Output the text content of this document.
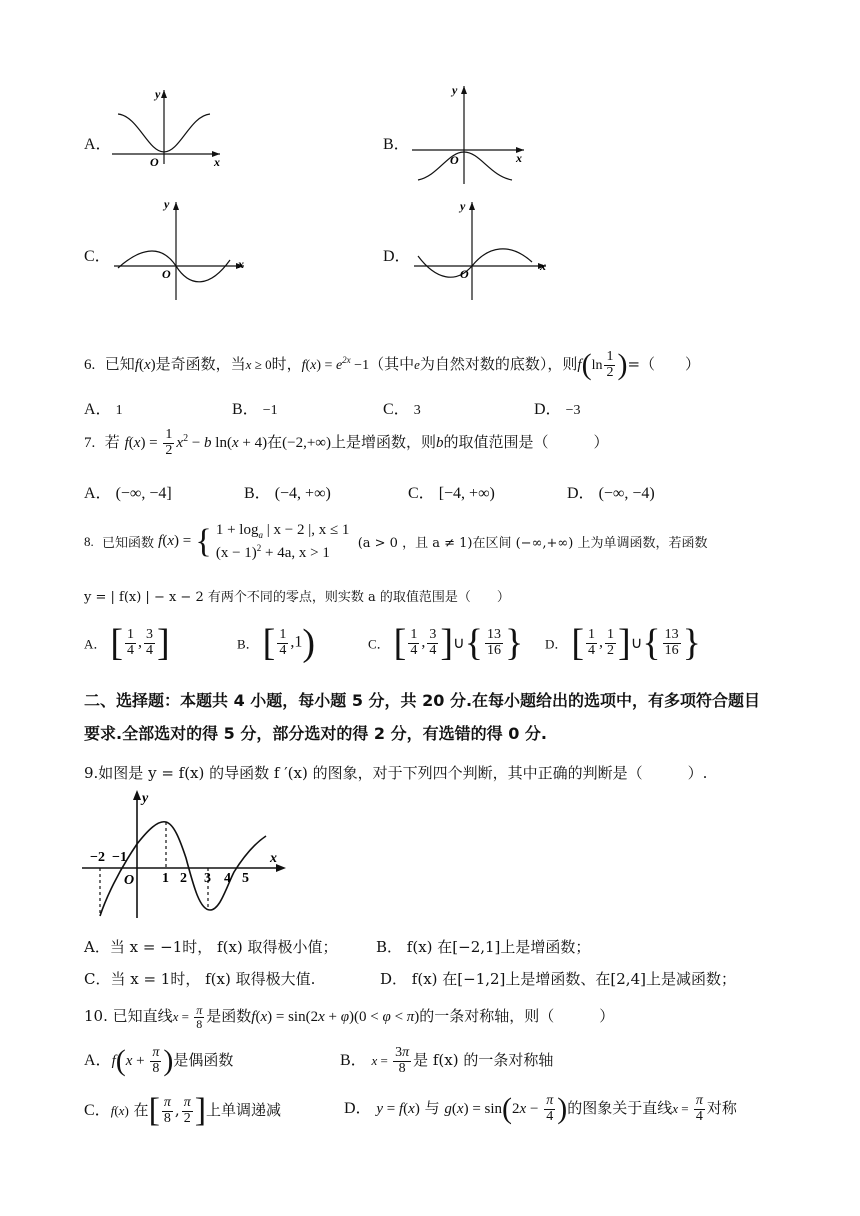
A．
y
x
O
B．
y
x
O
C．
y
x
O
D．
y
x
O
6. 已知f(x)是奇函数，当x ≥ 0时，$f(x) = e^{2x} -1$（其中e为自然对数的底数），则$f(\ln \frac{1}{2}$ )=（　　）
A． 1	B． −1	C． 3	D． −3
7. 若 $f(x) = \frac{1}{2} x^2 - b$ ln(x + 4)在(−2,+∞)上是增函数，则b的取值范围是（　　　）
A． (−∞, −4]	B． (−4, +∞)	C． [−4, +∞)	D． (−∞, −4)
8. 已知函数 f(x) = { $1 + \log_a$ | x − 2 |, x ≤ 1
$(x - 1)^2 + 4a$, x > 1
(a > 0 ，且 a ≠ 1)在区间 (−∞,+∞) 上为单调函数，若函数
y = | f(x) | − x − 2 有两个不同的零点，则实数 a 的取值范围是（　　）
A． [ $\frac{1}{4}$ , $\frac{3}{4}$ ]	B． [ $\frac{1}{4} ,1$)	C． [ $\frac{1}{4}$ , $\frac{3}{4}$ ]∪{ $\frac{13}{16}$ } D． [ $\frac{1}{4}$ , $\frac{1}{2}$ ]∪{ $\frac{13}{16}$ }
二、选择题：本题共 4 小题，每小题 5 分，共 20 分.在每小题给出的选项中，有多项符合题目
要求.全部选对的得 5 分，部分选对的得 2 分，有选错的得 0 分.
9.如图是 y = f(x) 的导函数 f ′(x) 的图象，对于下列四个判断，其中正确的判断是（　　　）.
y
x
−2 −1
O 1 2 3 4 5
A．当 x = −1时， f(x) 取得极小值；	B． f(x) 在[−2,1]上是增函数；
C．当 x = 1时， f(x) 取得极大值.	D． f(x) 在[−1,2]上是增函数、在[2,4]上是减函数；
10. 已知直线$x = \frac{\pi}{8}$ 是函数f(x) = sin(2x + φ)(0 < φ < π)的一条对称轴，则（　　　）
A．$f(x + \frac{\pi}{8}$ )是偶函数	B． $x = \frac{3\pi}{8}$ 是 f(x) 的一条对称轴
C．f(x) 在[ $\frac{\pi}{8}$ , $\frac{\pi}{2}$ ]上单调递减	D． y = f(x) 与 $g(x) = \sin(2x - \frac{\pi}{4}$ )的图象关于直线$x = \frac{\pi}{4}$ 对称
